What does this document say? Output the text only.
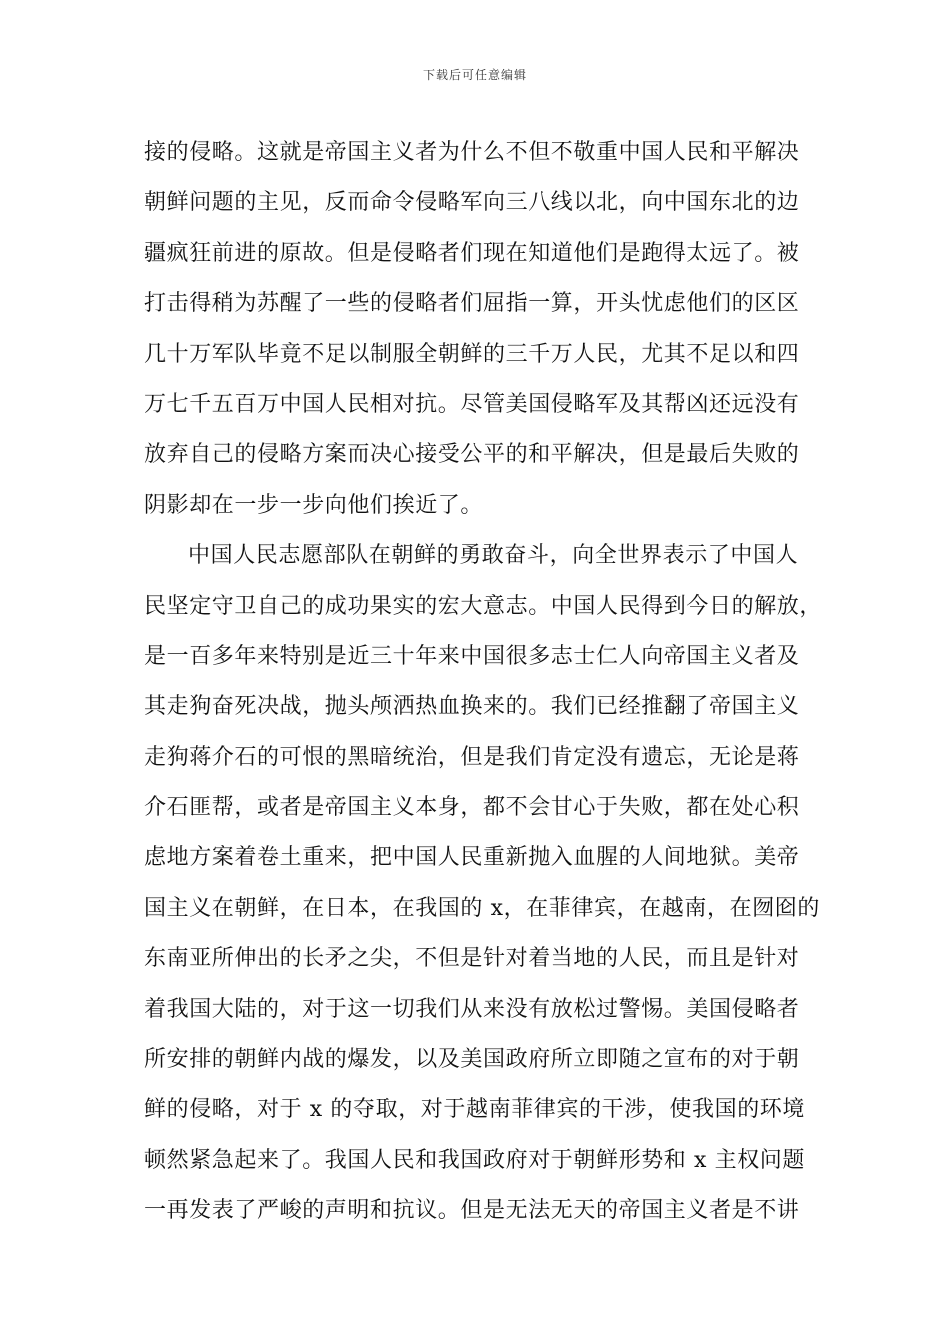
下载后可任意编辑
接的侵略。这就是帝国主义者为什么不但不敬重中国人民和平解决
朝鲜问题的主见，反而命令侵略军向三八线以北，向中国东北的边
疆疯狂前进的原故。但是侵略者们现在知道他们是跑得太远了。被
打击得稍为苏醒了一些的侵略者们屈指一算，开头忧虑他们的区区
几十万军队毕竟不足以制服全朝鲜的三千万人民，尤其不足以和四
万七千五百万中国人民相对抗。尽管美国侵略军及其帮凶还远没有
放弃自己的侵略方案而决心接受公平的和平解决，但是最后失败的
阴影却在一步一步向他们挨近了。
中国人民志愿部队在朝鲜的勇敢奋斗，向全世界表示了中国人
民坚定守卫自己的成功果实的宏大意志。中国人民得到今日的解放，
是一百多年来特别是近三十年来中国很多志士仁人向帝国主义者及
其走狗奋死决战，抛头颅洒热血换来的。我们已经推翻了帝国主义
走狗蒋介石的可恨的黑暗统治，但是我们肯定没有遗忘，无论是蒋
介石匪帮，或者是帝国主义本身，都不会甘心于失败，都在处心积
虑地方案着卷土重来，把中国人民重新抛入血腥的人间地狱。美帝
国主义在朝鲜，在日本，在我国的 x，在菲律宾，在越南，在囫囵的
东南亚所伸出的长矛之尖，不但是针对着当地的人民，而且是针对
着我国大陆的，对于这一切我们从来没有放松过警惕。美国侵略者
所安排的朝鲜内战的爆发，以及美国政府所立即随之宣布的对于朝
鲜的侵略，对于 x 的夺取，对于越南菲律宾的干涉，使我国的环境
顿然紧急起来了。我国人民和我国政府对于朝鲜形势和 x 主权问题
一再发表了严峻的声明和抗议。但是无法无天的帝国主义者是不讲
